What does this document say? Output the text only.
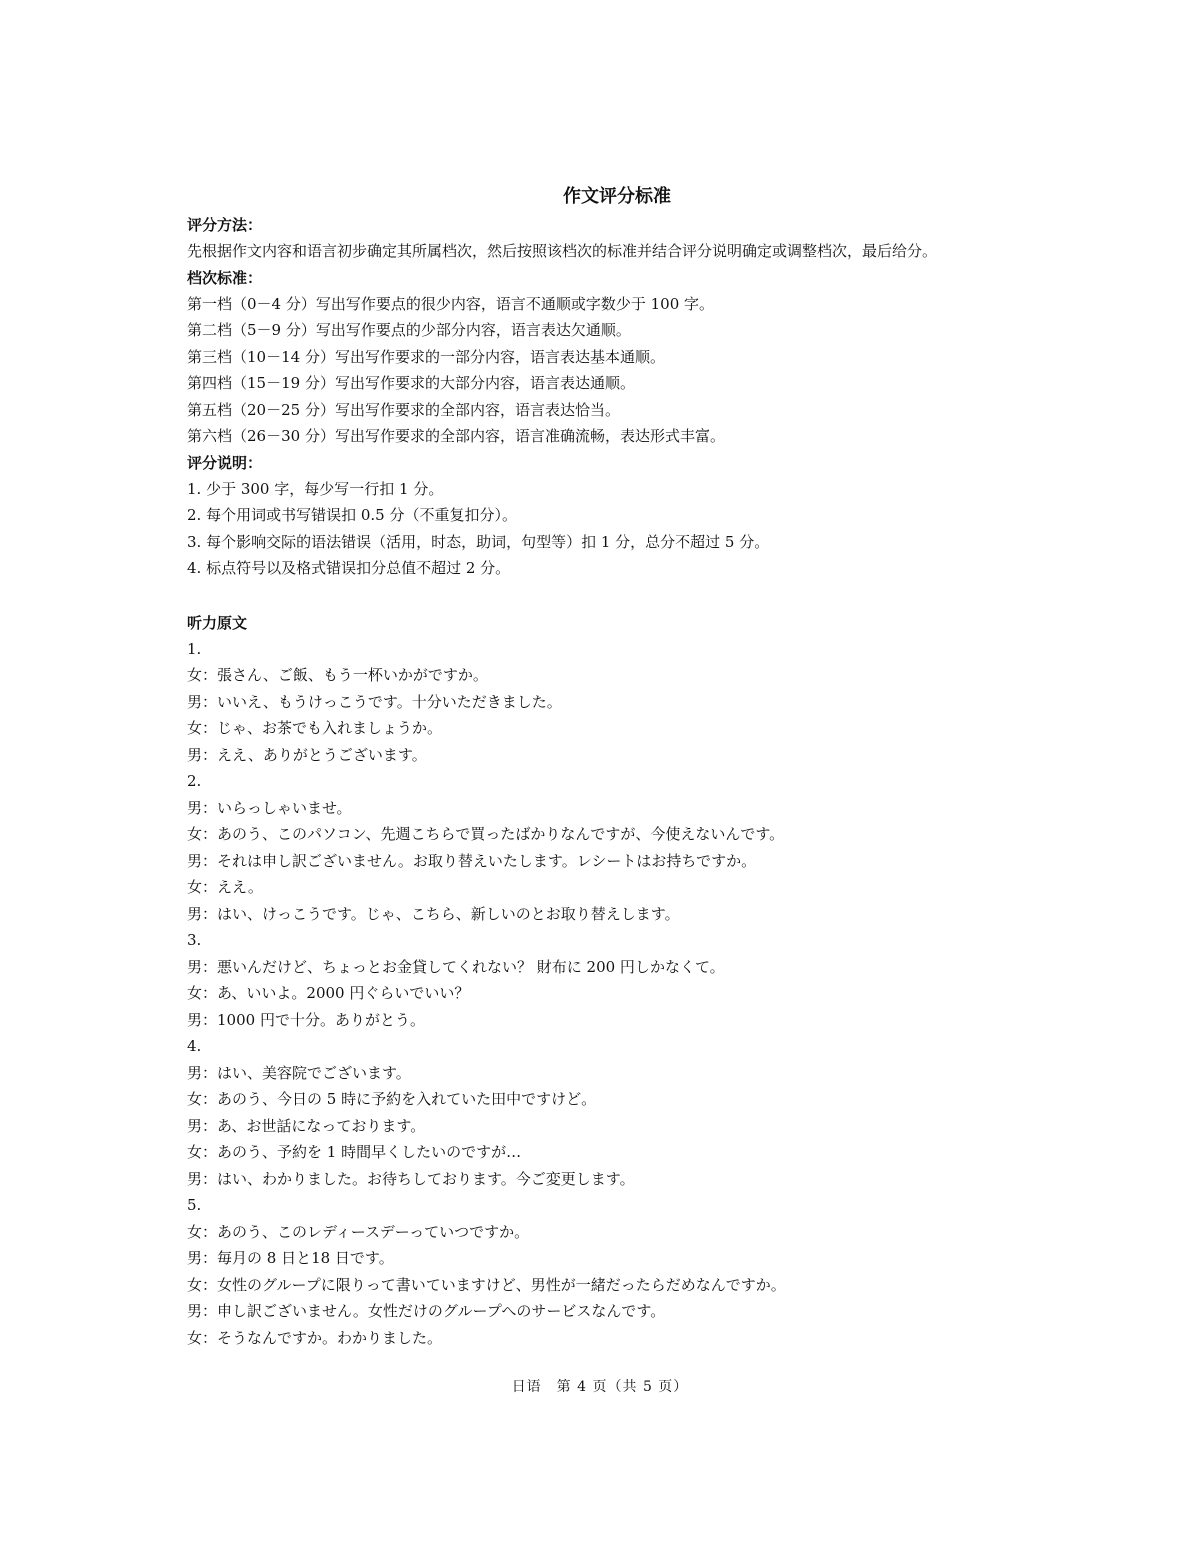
作文评分标准
评分方法：
先根据作文内容和语言初步确定其所属档次，然后按照该档次的标准并结合评分说明确定或调整档次，最后给分。
档次标准：
第一档（0－4 分）写出写作要点的很少内容，语言不通顺或字数少于 100 字。
第二档（5－9 分）写出写作要点的少部分内容，语言表达欠通顺。
第三档（10－14 分）写出写作要求的一部分内容，语言表达基本通顺。
第四档（15－19 分）写出写作要求的大部分内容，语言表达通顺。
第五档（20－25 分）写出写作要求的全部内容，语言表达恰当。
第六档（26－30 分）写出写作要求的全部内容，语言准确流畅，表达形式丰富。
评分说明：
1. 少于 300 字，每少写一行扣 1 分。
2. 每个用词或书写错误扣 0.5 分（不重复扣分）。
3. 每个影响交际的语法错误（活用，时态，助词，句型等）扣 1 分，总分不超过 5 分。
4. 标点符号以及格式错误扣分总值不超过 2 分。
听力原文
1.
女：張さん、ご飯、もう一杯いかがですか。
男：いいえ、もうけっこうです。十分いただきました。
女：じゃ、お茶でも入れましょうか。
男：ええ、ありがとうございます。
2.
男：いらっしゃいませ。
女：あのう、このパソコン、先週こちらで買ったばかりなんですが、今使えないんです。
男：それは申し訳ございません。お取り替えいたします。レシートはお持ちですか。
女：ええ。
男：はい、けっこうです。じゃ、こちら、新しいのとお取り替えします。
3.
男：悪いんだけど、ちょっとお金貸してくれない？ 財布に 200 円しかなくて。
女：あ、いいよ。2000 円ぐらいでいい？
男：1000 円で十分。ありがとう。
4.
男：はい、美容院でございます。
女：あのう、今日の 5 時に予約を入れていた田中ですけど。
男：あ、お世話になっております。
女：あのう、予約を 1 時間早くしたいのですが…
男：はい、わかりました。お待ちしております。今ご変更します。
5.
女：あのう、このレディースデーっていつですか。
男：毎月の 8 日と18 日です。
女：女性のグループに限りって書いていますけど、男性が一緒だったらだめなんですか。
男：申し訳ございません。女性だけのグループへのサービスなんです。
女：そうなんですか。わかりました。
日语　第 4 页（共 5 页）
